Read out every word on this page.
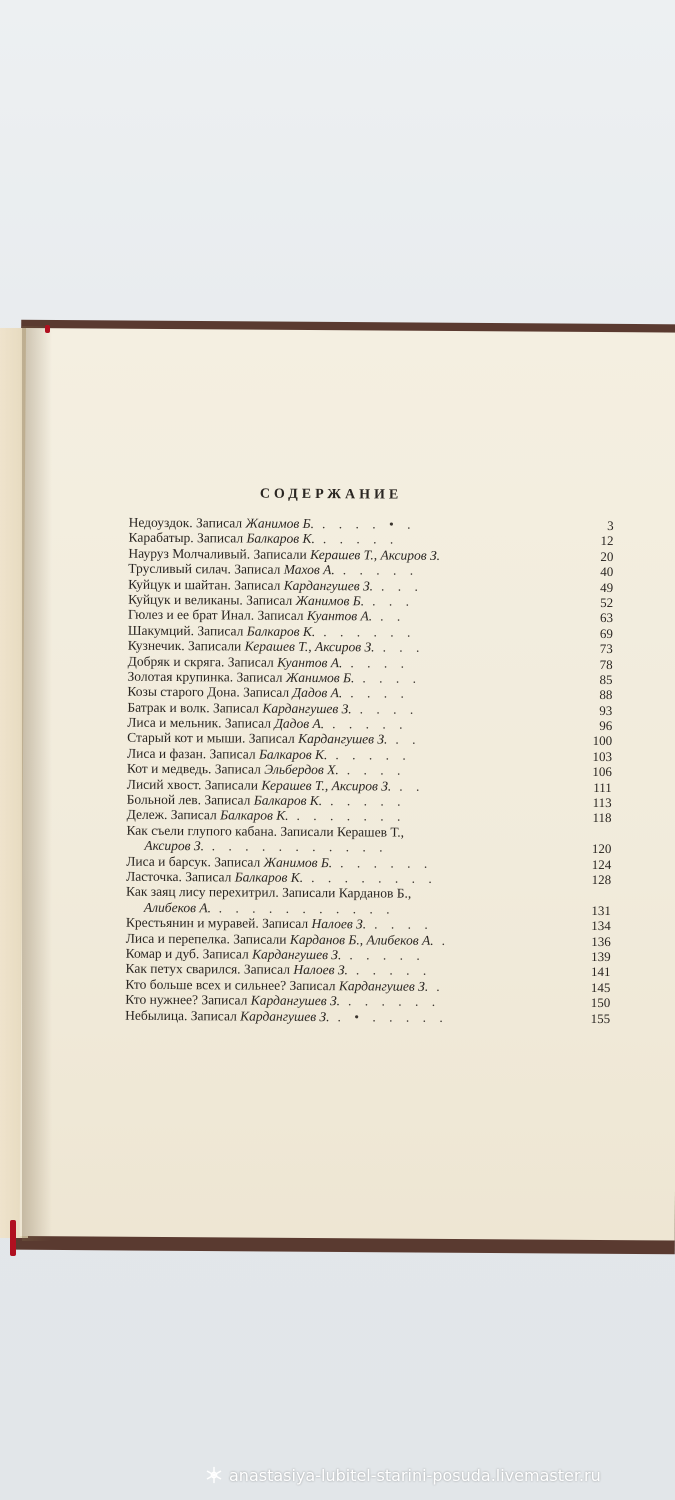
СОДЕРЖАНИЕ
Недоуздок. Записал Жанимов Б. . . . . • .	3
Карабатыр. Записал Балкаров К. . . . . .	12
Науруз Молчаливый. Записали Керашев Т., Аксиров З.	20
Трусливый силач. Записал Махов А. . . . . .	40
Куйцук и шайтан. Записал Кардангушев З. . . .	49
Куйцук и великаны. Записал Жанимов Б. . . .	52
Гюлез и ее брат Инал. Записал Куантов А. . .	63
Шакумций. Записал Балкаров К. . . . . . .	69
Кузнечик. Записали Керашев Т., Аксиров З. . . .	73
Добряк и скряга. Записал Куантов А. . . . .	78
Золотая крупинка. Записал Жанимов Б. . . . .	85
Козы старого Дона. Записал Дадов А. . . . .	88
Батрак и волк. Записал Кардангушев З. . . . .	93
Лиса и мельник. Записал Дадов А. . . . . .	96
Старый кот и мыши. Записал Кардангушев З. . .	100
Лиса и фазан. Записал Балкаров К. . . . . .	103
Кот и медведь. Записал Эльбердов Х. . . . .	106
Лисий хвост. Записали Керашев Т., Аксиров З. . .	111
Больной лев. Записал Балкаров К. . . . . .	113
Дележ. Записал Балкаров К. . . . . . . .	118
Как съели глупого кабана. Записали Керашев Т.,
Аксиров З. . . . . . . . . . . .	120
Лиса и барсук. Записал Жанимов Б. . . . . . .	124
Ласточка. Записал Балкаров К. . . . . . . . .	128
Как заяц лису перехитрил. Записали Карданов Б.,
Алибеков А. . . . . . . . . . . .	131
Крестьянин и муравей. Записал Налоев З. . . . .	134
Лиса и перепелка. Записали Карданов Б., Алибеков А. .	136
Комар и дуб. Записал Кардангушев З. . . . . .	139
Как петух сварился. Записал Налоев З. . . . . .	141
Кто больше всех и сильнее? Записал Кардангушев З. .	145
Кто нужнее? Записал Кардангушев З. . . . . . .	150
Небылица. Записал Кардангушев З. . • . . . . .	155
anastasiya-lubitel-starini-posuda.livemaster.ru
